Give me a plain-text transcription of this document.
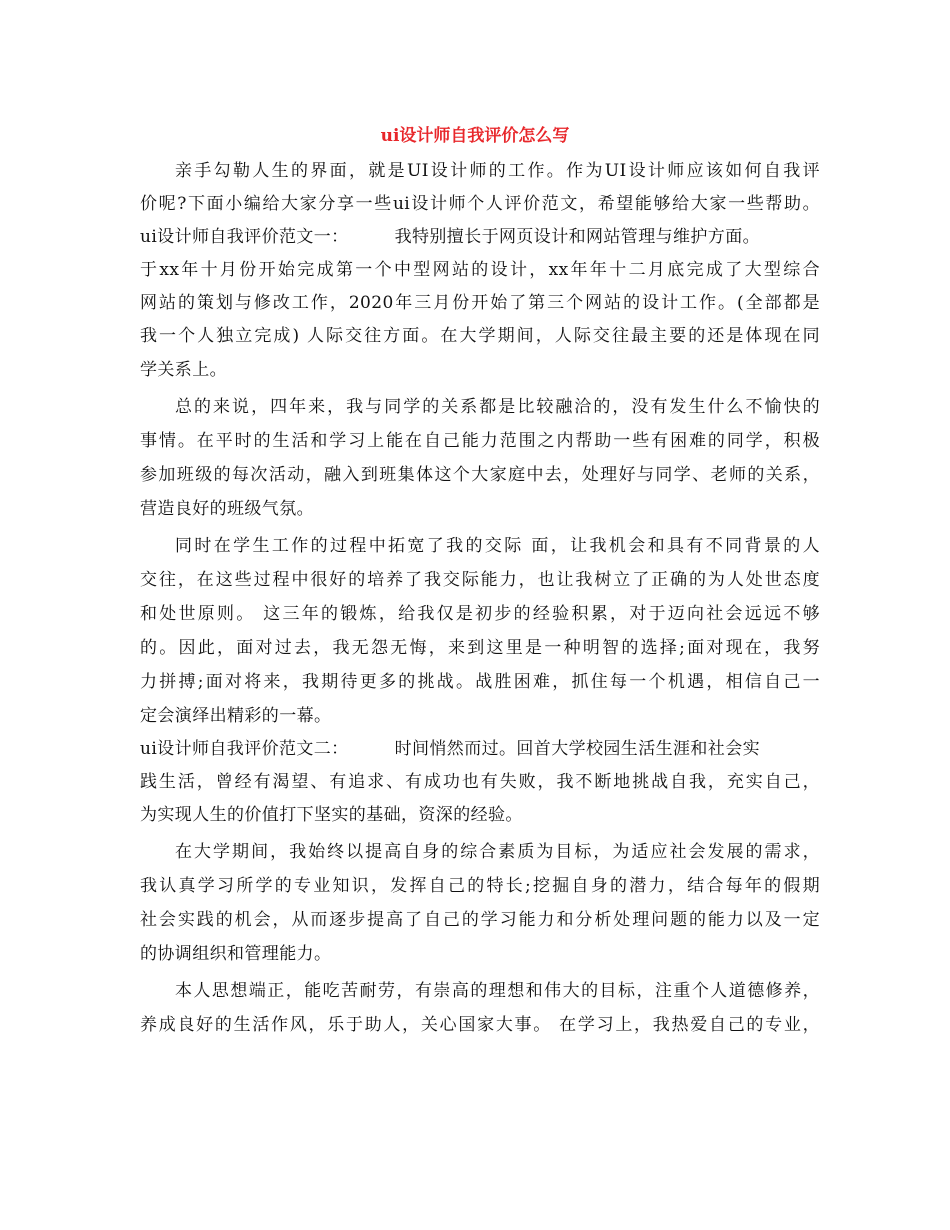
ui设计师自我评价怎么写
亲手勾勒人生的界面，就是UI设计师的工作。作为UI设计师应该如何自我评
价呢?下面小编给大家分享一些ui设计师个人评价范文，希望能够给大家一些帮助。
ui设计师自我评价范文一：	我特别擅长于网页设计和网站管理与维护方面。
于xx年十月份开始完成第一个中型网站的设计，xx年年十二月底完成了大型综合
网站的策划与修改工作，2020年三月份开始了第三个网站的设计工作。(全部都是
我一个人独立完成) 人际交往方面。在大学期间，人际交往最主要的还是体现在同
学关系上。
总的来说，四年来，我与同学的关系都是比较融洽的，没有发生什么不愉快的
事情。在平时的生活和学习上能在自己能力范围之内帮助一些有困难的同学，积极
参加班级的每次活动，融入到班集体这个大家庭中去，处理好与同学、老师的关系，
营造良好的班级气氛。
同时在学生工作的过程中拓宽了我的交际 面，让我机会和具有不同背景的人
交往，在这些过程中很好的培养了我交际能力，也让我树立了正确的为人处世态度
和处世原则。 这三年的锻炼，给我仅是初步的经验积累，对于迈向社会远远不够
的。因此，面对过去，我无怨无悔，来到这里是一种明智的选择;面对现在，我努
力拼搏;面对将来，我期待更多的挑战。战胜困难，抓住每一个机遇，相信自己一
定会演绎出精彩的一幕。
ui设计师自我评价范文二：	时间悄然而过。回首大学校园生活生涯和社会实
践生活，曾经有渴望、有追求、有成功也有失败，我不断地挑战自我，充实自己，
为实现人生的价值打下坚实的基础，资深的经验。
在大学期间，我始终以提高自身的综合素质为目标，为适应社会发展的需求，
我认真学习所学的专业知识，发挥自己的特长;挖掘自身的潜力，结合每年的假期
社会实践的机会，从而逐步提高了自己的学习能力和分析处理问题的能力以及一定
的协调组织和管理能力。
本人思想端正，能吃苦耐劳，有崇高的理想和伟大的目标，注重个人道德修养，
养成良好的生活作风，乐于助人，关心国家大事。 在学习上，我热爱自己的专业，
